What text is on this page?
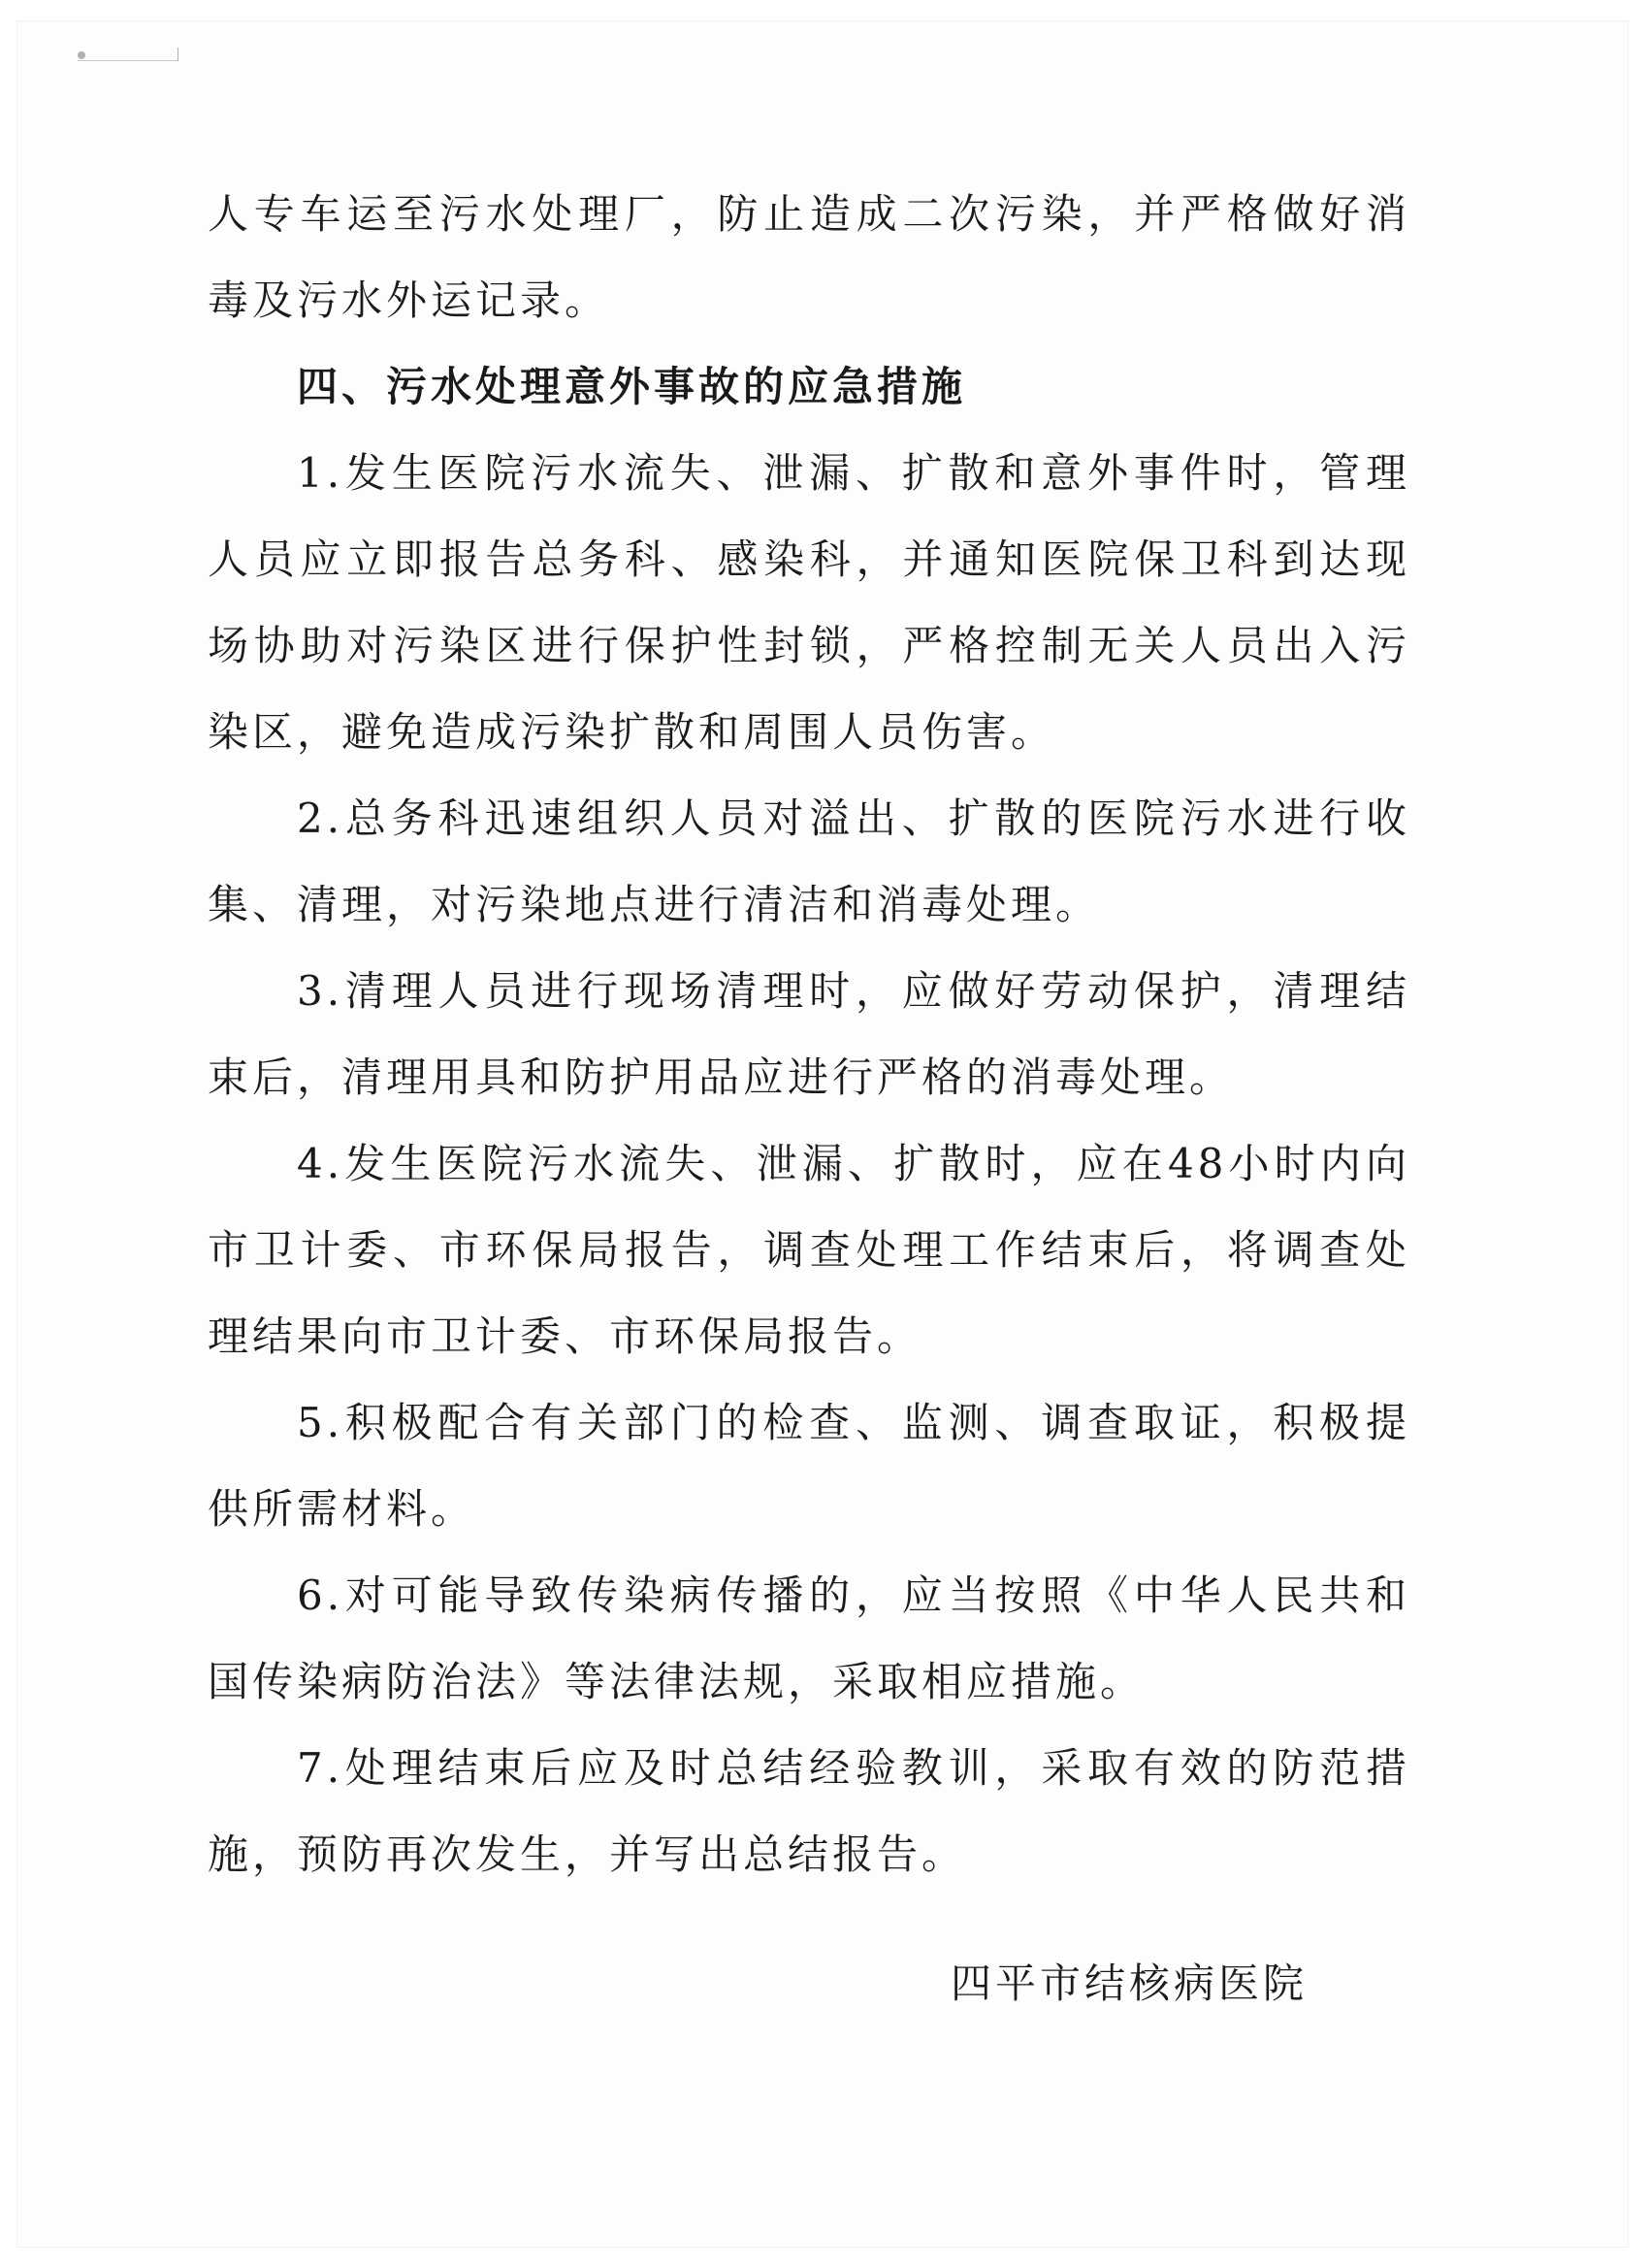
人专车运至污水处理厂，防止造成二次污染，并严格做好消毒及污水外运记录。

四、污水处理意外事故的应急措施

1.发生医院污水流失、泄漏、扩散和意外事件时，管理人员应立即报告总务科、感染科，并通知医院保卫科到达现场协助对污染区进行保护性封锁，严格控制无关人员出入污染区，避免造成污染扩散和周围人员伤害。

2.总务科迅速组织人员对溢出、扩散的医院污水进行收集、清理，对污染地点进行清洁和消毒处理。

3.清理人员进行现场清理时，应做好劳动保护，清理结束后，清理用具和防护用品应进行严格的消毒处理。

4.发生医院污水流失、泄漏、扩散时，应在48小时内向市卫计委、市环保局报告，调查处理工作结束后，将调查处理结果向市卫计委、市环保局报告。

5.积极配合有关部门的检查、监测、调查取证，积极提供所需材料。

6.对可能导致传染病传播的，应当按照《中华人民共和国传染病防治法》等法律法规，采取相应措施。

7.处理结束后应及时总结经验教训，采取有效的防范措施，预防再次发生，并写出总结报告。

四平市结核病医院
